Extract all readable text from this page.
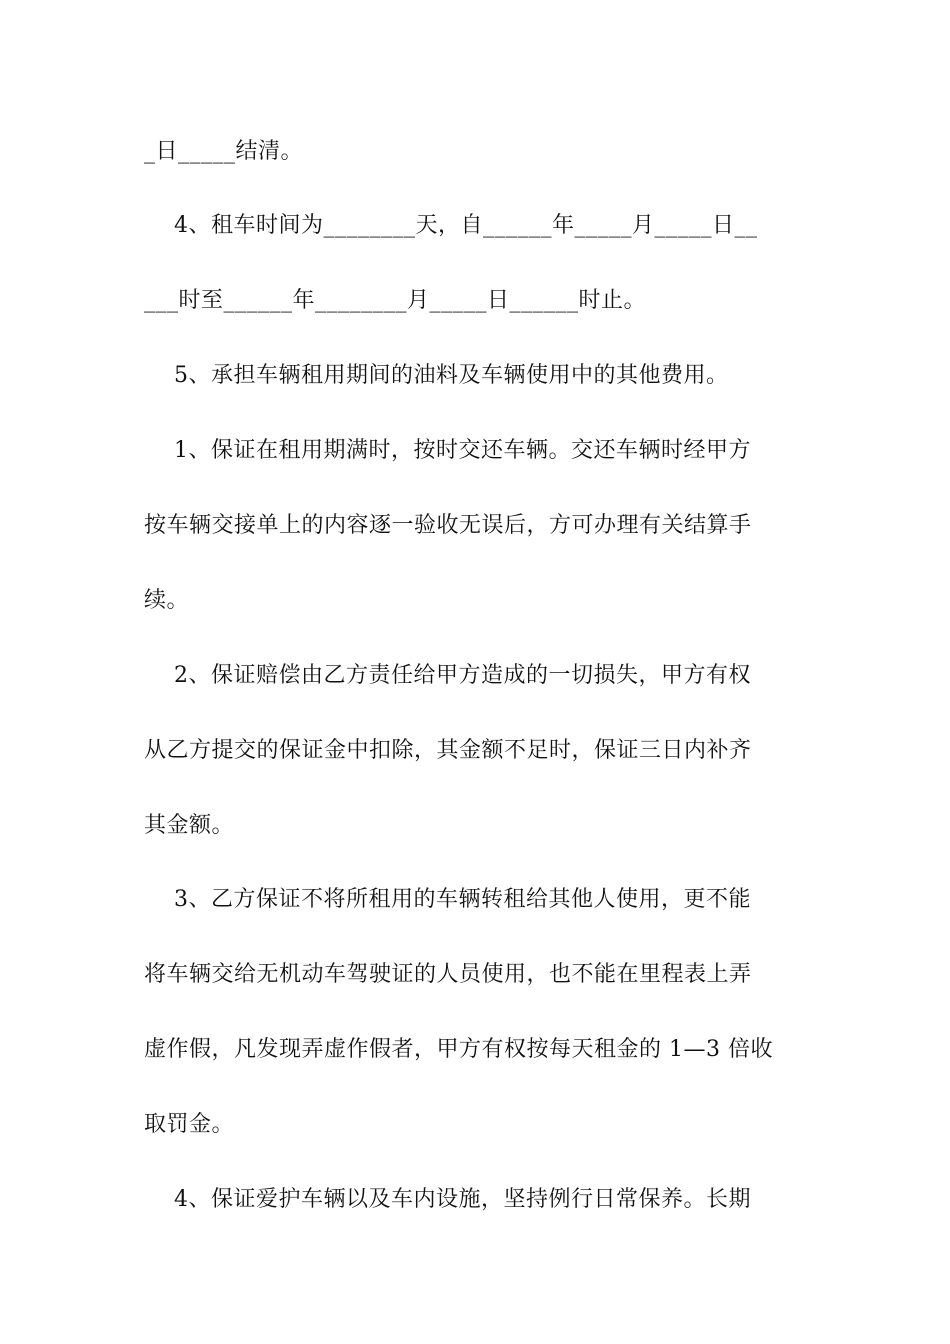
_日_____结清。
4、租车时间为________天，自______年_____月_____日__
___时至______年________月_____日______时止。
5、承担车辆租用期间的油料及车辆使用中的其他费用。
1、保证在租用期满时，按时交还车辆。交还车辆时经甲方
按车辆交接单上的内容逐一验收无误后，方可办理有关结算手
续。
2、保证赔偿由乙方责任给甲方造成的一切损失，甲方有权
从乙方提交的保证金中扣除，其金额不足时，保证三日内补齐
其金额。
3、乙方保证不将所租用的车辆转租给其他人使用，更不能
将车辆交给无机动车驾驶证的人员使用，也不能在里程表上弄
虚作假，凡发现弄虚作假者，甲方有权按每天租金的 1—3 倍收
取罚金。
4、保证爱护车辆以及车内设施，坚持例行日常保养。长期
